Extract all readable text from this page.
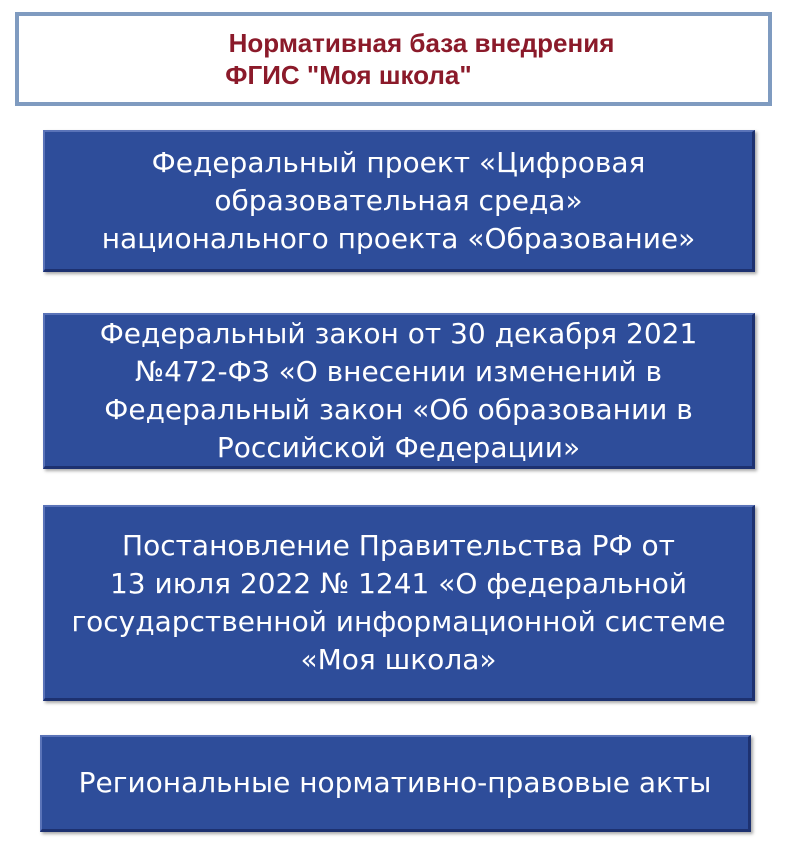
Нормативная база внедрения
ФГИС "Моя школа"
Федеральный проект «Цифровая
образовательная среда»
национального проекта «Образование»
Федеральный закон от 30 декабря 2021
№472-ФЗ «О внесении изменений в
Федеральный закон «Об образовании в
Российской Федерации»
Постановление Правительства РФ от
13 июля 2022 № 1241 «О федеральной
государственной информационной системе
«Моя школа»
Региональные нормативно-правовые акты
